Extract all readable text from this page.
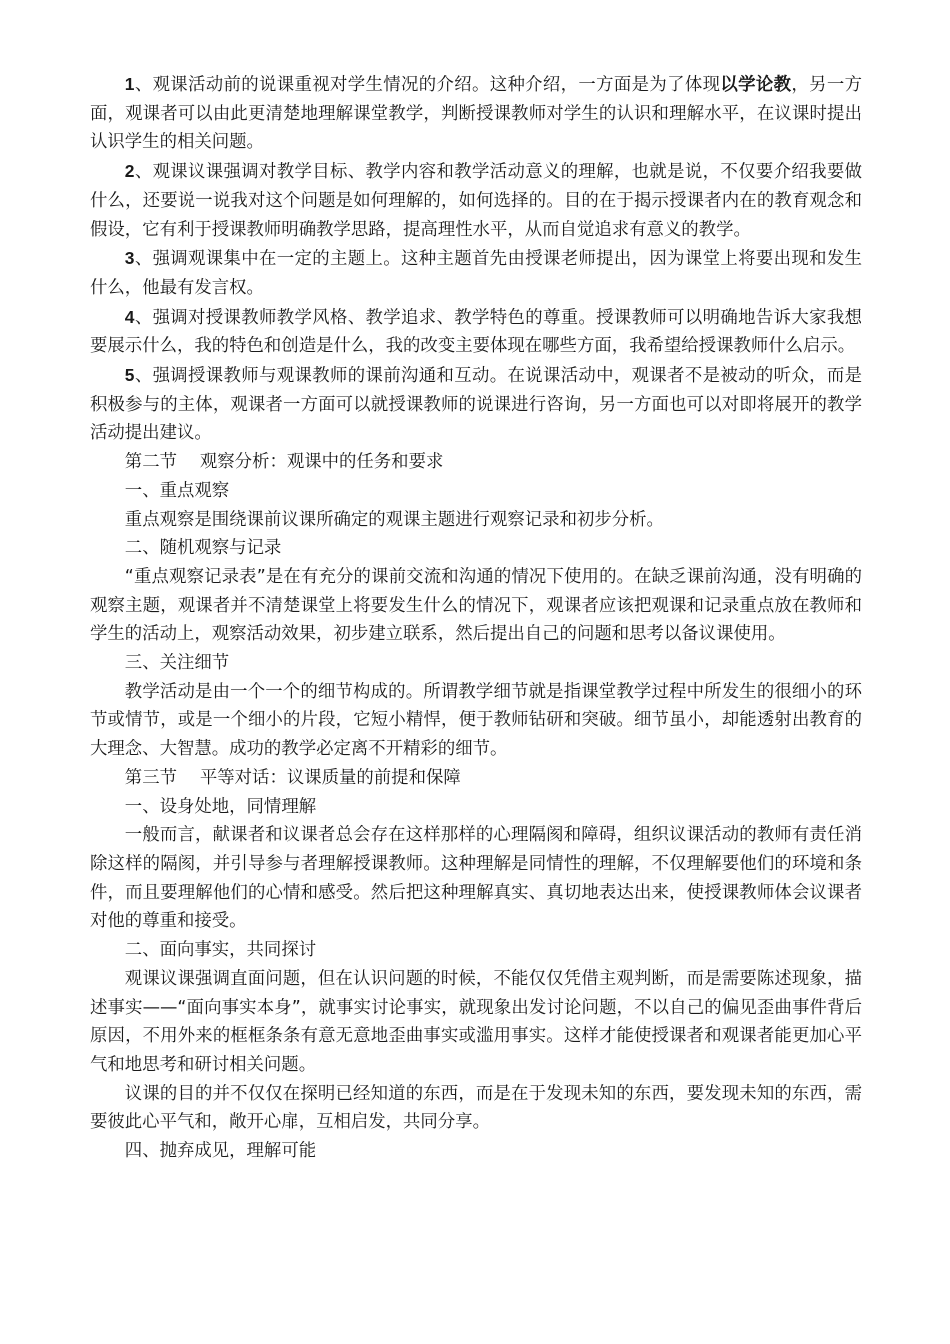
1、观课活动前的说课重视对学生情况的介绍。这种介绍，一方面是为了体现以学论教，另一方面，观课者可以由此更清楚地理解课堂教学，判断授课教师对学生的认识和理解水平，在议课时提出认识学生的相关问题。

2、观课议课强调对教学目标、教学内容和教学活动意义的理解，也就是说，不仅要介绍我要做什么，还要说一说我对这个问题是如何理解的，如何选择的。目的在于揭示授课者内在的教育观念和假设，它有利于授课教师明确教学思路，提高理性水平，从而自觉追求有意义的教学。

3、强调观课集中在一定的主题上。这种主题首先由授课老师提出，因为课堂上将要出现和发生什么，他最有发言权。

4、强调对授课教师教学风格、教学追求、教学特色的尊重。授课教师可以明确地告诉大家我想要展示什么，我的特色和创造是什么，我的改变主要体现在哪些方面，我希望给授课教师什么启示。

5、强调授课教师与观课教师的课前沟通和互动。在说课活动中，观课者不是被动的听众，而是积极参与的主体，观课者一方面可以就授课教师的说课进行咨询，另一方面也可以对即将展开的教学活动提出建议。

第二节　 观察分析：观课中的任务和要求

一、重点观察

重点观察是围绕课前议课所确定的观课主题进行观察记录和初步分析。

二、随机观察与记录

“重点观察记录表”是在有充分的课前交流和沟通的情况下使用的。在缺乏课前沟通，没有明确的观察主题，观课者并不清楚课堂上将要发生什么的情况下，观课者应该把观课和记录重点放在教师和学生的活动上，观察活动效果，初步建立联系，然后提出自己的问题和思考以备议课使用。

三、关注细节

教学活动是由一个一个的细节构成的。所谓教学细节就是指课堂教学过程中所发生的很细小的环节或情节，或是一个细小的片段，它短小精悍，便于教师钻研和突破。细节虽小，却能透射出教育的大理念、大智慧。成功的教学必定离不开精彩的细节。

第三节　 平等对话：议课质量的前提和保障

一、设身处地，同情理解

一般而言，献课者和议课者总会存在这样那样的心理隔阂和障碍，组织议课活动的教师有责任消除这样的隔阂，并引导参与者理解授课教师。这种理解是同情性的理解，不仅理解要他们的环境和条件，而且要理解他们的心情和感受。然后把这种理解真实、真切地表达出来，使授课教师体会议课者对他的尊重和接受。

二、面向事实，共同探讨

观课议课强调直面问题，但在认识问题的时候，不能仅仅凭借主观判断，而是需要陈述现象，描述事实——“面向事实本身”，就事实讨论事实，就现象出发讨论问题，不以自己的偏见歪曲事件背后原因，不用外来的框框条条有意无意地歪曲事实或滥用事实。这样才能使授课者和观课者能更加心平气和地思考和研讨相关问题。

议课的目的并不仅仅在探明已经知道的东西，而是在于发现未知的东西，要发现未知的东西，需要彼此心平气和，敞开心扉，互相启发，共同分享。

四、抛弃成见，理解可能
